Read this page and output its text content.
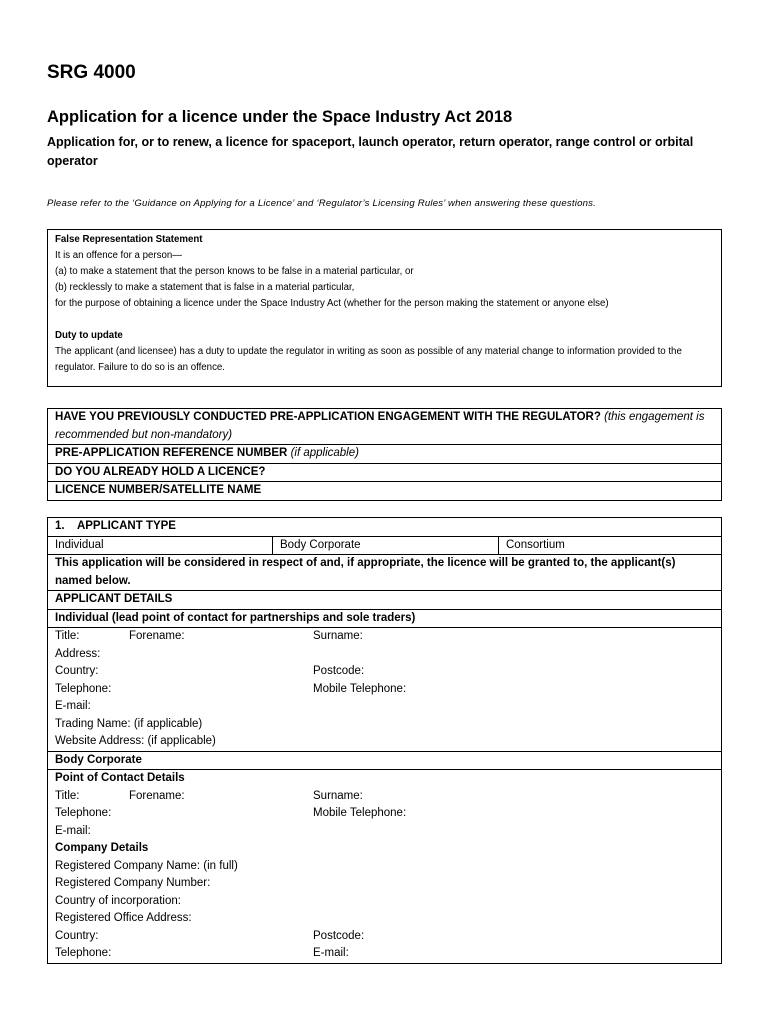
SRG 4000
Application for a licence under the Space Industry Act 2018
Application for, or to renew, a licence for spaceport, launch operator, return operator, range control or orbital operator
Please refer to the ‘Guidance on Applying for a Licence’ and ‘Regulator’s Licensing Rules’ when answering these questions.
False Representation Statement
It is an offence for a person—
(a) to make a statement that the person knows to be false in a material particular, or
(b) recklessly to make a statement that is false in a material particular,
for the purpose of obtaining a licence under the Space Industry Act (whether for the person making the statement or anyone else)
Duty to update
The applicant (and licensee) has a duty to update the regulator in writing as soon as possible of any material change to information provided to the regulator. Failure to do so is an offence.
HAVE YOU PREVIOUSLY CONDUCTED PRE-APPLICATION ENGAGEMENT WITH THE REGULATOR? (this engagement is recommended but non-mandatory)
PRE-APPLICATION REFERENCE NUMBER (if applicable)
DO YOU ALREADY HOLD A LICENCE?
LICENCE NUMBER/SATELLITE NAME
1.    APPLICANT TYPE
Individual	Body Corporate	Consortium
This application will be considered in respect of and, if appropriate, the licence will be granted to, the applicant(s) named below.
APPLICANT DETAILS
Individual (lead point of contact for partnerships and sole traders)

Title:	Forename:	Surname:
Address:
Country:	Postcode:
Telephone:	Mobile Telephone:
E-mail:
Trading Name: (if applicable)
Website Address: (if applicable)

Body Corporate

Point of Contact Details
Title:	Forename:	Surname:
Telephone:	Mobile Telephone:
E-mail:
Company Details
Registered Company Name: (in full)
Registered Company Number:
Country of incorporation:
Registered Office Address:
Country:	Postcode:
Telephone:	E-mail:
